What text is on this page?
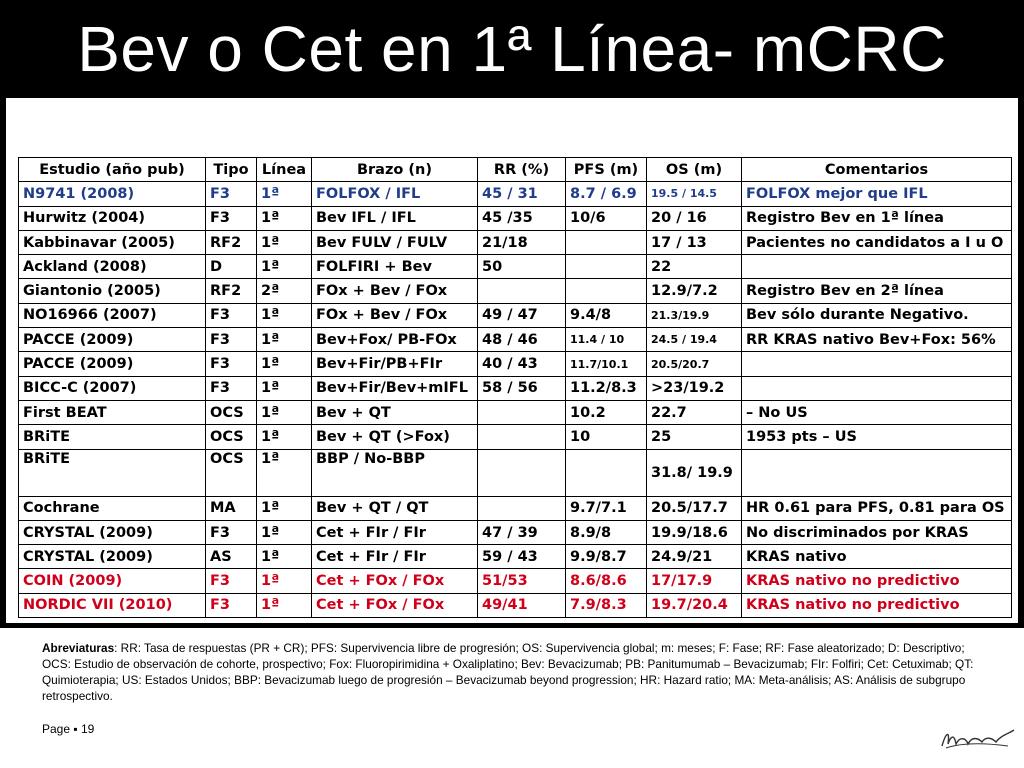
Bev o Cet en 1ª Línea- mCRC
Estudio (año pub)	Tipo	Línea	Brazo (n)	RR (%)	PFS (m)	OS (m)	Comentarios
N9741 (2008)	F3	1ª	FOLFOX / IFL	45 / 31	8.7 / 6.9	19.5 / 14.5	FOLFOX mejor que IFL
Hurwitz (2004)	F3	1ª	Bev IFL / IFL	45 /35	10/6	20 / 16	Registro Bev en 1ª línea
Kabbinavar (2005)	RF2	1ª	Bev FULV / FULV	21/18		17 / 13	Pacientes no candidatos a I u O
Ackland (2008)	D	1ª	FOLFIRI + Bev	50		22	
Giantonio (2005)	RF2	2ª	FOx + Bev / FOx			12.9/7.2	Registro Bev en 2ª línea
NO16966 (2007)	F3	1ª	FOx + Bev / FOx	49 / 47	9.4/8	21.3/19.9	Bev sólo durante Negativo.
PACCE (2009)	F3	1ª	Bev+Fox/ PB-FOx	48 / 46	11.4 / 10	24.5 / 19.4	RR KRAS nativo Bev+Fox: 56%
PACCE (2009)	F3	1ª	Bev+Fir/PB+FIr	40 / 43	11.7/10.1	20.5/20.7	
BICC-C (2007)	F3	1ª	Bev+Fir/Bev+mIFL	58 / 56	11.2/8.3	>23/19.2	
First BEAT	OCS	1ª	Bev + QT		10.2	22.7	– No US
BRiTE	OCS	1ª	Bev + QT (>Fox)		10	25	1953 pts – US
BRiTE	OCS	1ª	BBP / No-BBP			31.8/ 19.9	
Cochrane	MA	1ª	Bev + QT / QT		9.7/7.1	20.5/17.7	HR 0.61 para PFS, 0.81 para OS
CRYSTAL (2009)	F3	1ª	Cet + FIr / FIr	47 / 39	8.9/8	19.9/18.6	No discriminados por KRAS
CRYSTAL (2009)	AS	1ª	Cet + FIr / FIr	59 / 43	9.9/8.7	24.9/21	KRAS nativo
COIN (2009)	F3	1ª	Cet + FOx / FOx	51/53	8.6/8.6	17/17.9	KRAS nativo no predictivo
NORDIC VII (2010)	F3	1ª	Cet + FOx / FOx	49/41	7.9/8.3	19.7/20.4	KRAS nativo no predictivo
Abreviaturas: RR: Tasa de respuestas (PR + CR); PFS: Supervivencia libre de progresión; OS: Supervivencia global; m: meses; F: Fase; RF: Fase aleatorizado; D: Descriptivo; OCS: Estudio de observación de cohorte, prospectivo; Fox: Fluoropirimidina + Oxaliplatino; Bev: Bevacizumab; PB: Panitumumab – Bevacizumab; FIr: Folfiri; Cet: Cetuximab; QT: Quimioterapia; US: Estados Unidos; BBP: Bevacizumab luego de progresión – Bevacizumab beyond progression; HR: Hazard ratio; MA: Meta-análisis; AS: Análisis de subgrupo retrospectivo.
Page ▪ 19
